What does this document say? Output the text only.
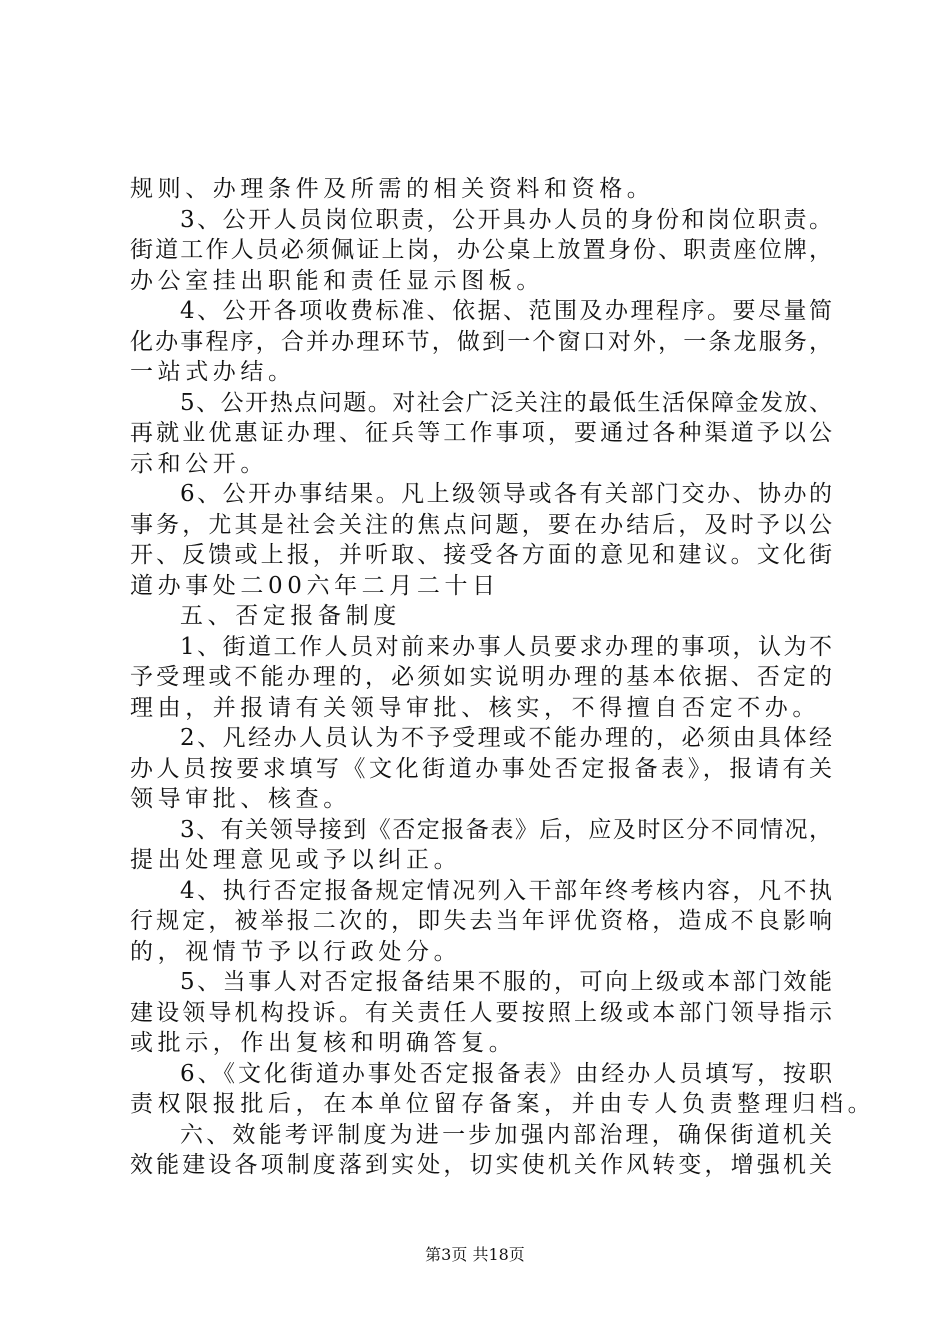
规则、办理条件及所需的相关资料和资格。
3、公开人员岗位职责，公开具办人员的身份和岗位职责。
街道工作人员必须佩证上岗，办公桌上放置身份、职责座位牌，
办公室挂出职能和责任显示图板。
4、公开各项收费标准、依据、范围及办理程序。要尽量简
化办事程序，合并办理环节，做到一个窗口对外，一条龙服务，
一站式办结。
5、公开热点问题。对社会广泛关注的最低生活保障金发放、
再就业优惠证办理、征兵等工作事项，要通过各种渠道予以公
示和公开。
6、公开办事结果。凡上级领导或各有关部门交办、协办的
事务，尤其是社会关注的焦点问题，要在办结后，及时予以公
开、反馈或上报，并听取、接受各方面的意见和建议。文化街
道办事处二00六年二月二十日
五、否定报备制度
1、街道工作人员对前来办事人员要求办理的事项，认为不
予受理或不能办理的，必须如实说明办理的基本依据、否定的
理由，并报请有关领导审批、核实，不得擅自否定不办。
2、凡经办人员认为不予受理或不能办理的，必须由具体经
办人员按要求填写《文化街道办事处否定报备表》，报请有关
领导审批、核查。
3、有关领导接到《否定报备表》后，应及时区分不同情况，
提出处理意见或予以纠正。
4、执行否定报备规定情况列入干部年终考核内容，凡不执
行规定，被举报二次的，即失去当年评优资格，造成不良影响
的，视情节予以行政处分。
5、当事人对否定报备结果不服的，可向上级或本部门效能
建设领导机构投诉。有关责任人要按照上级或本部门领导指示
或批示，作出复核和明确答复。
6、《文化街道办事处否定报备表》由经办人员填写，按职
责权限报批后，在本单位留存备案，并由专人负责整理归档。
六、效能考评制度为进一步加强内部治理，确保街道机关
效能建设各项制度落到实处，切实使机关作风转变，增强机关
第3页 共18页
